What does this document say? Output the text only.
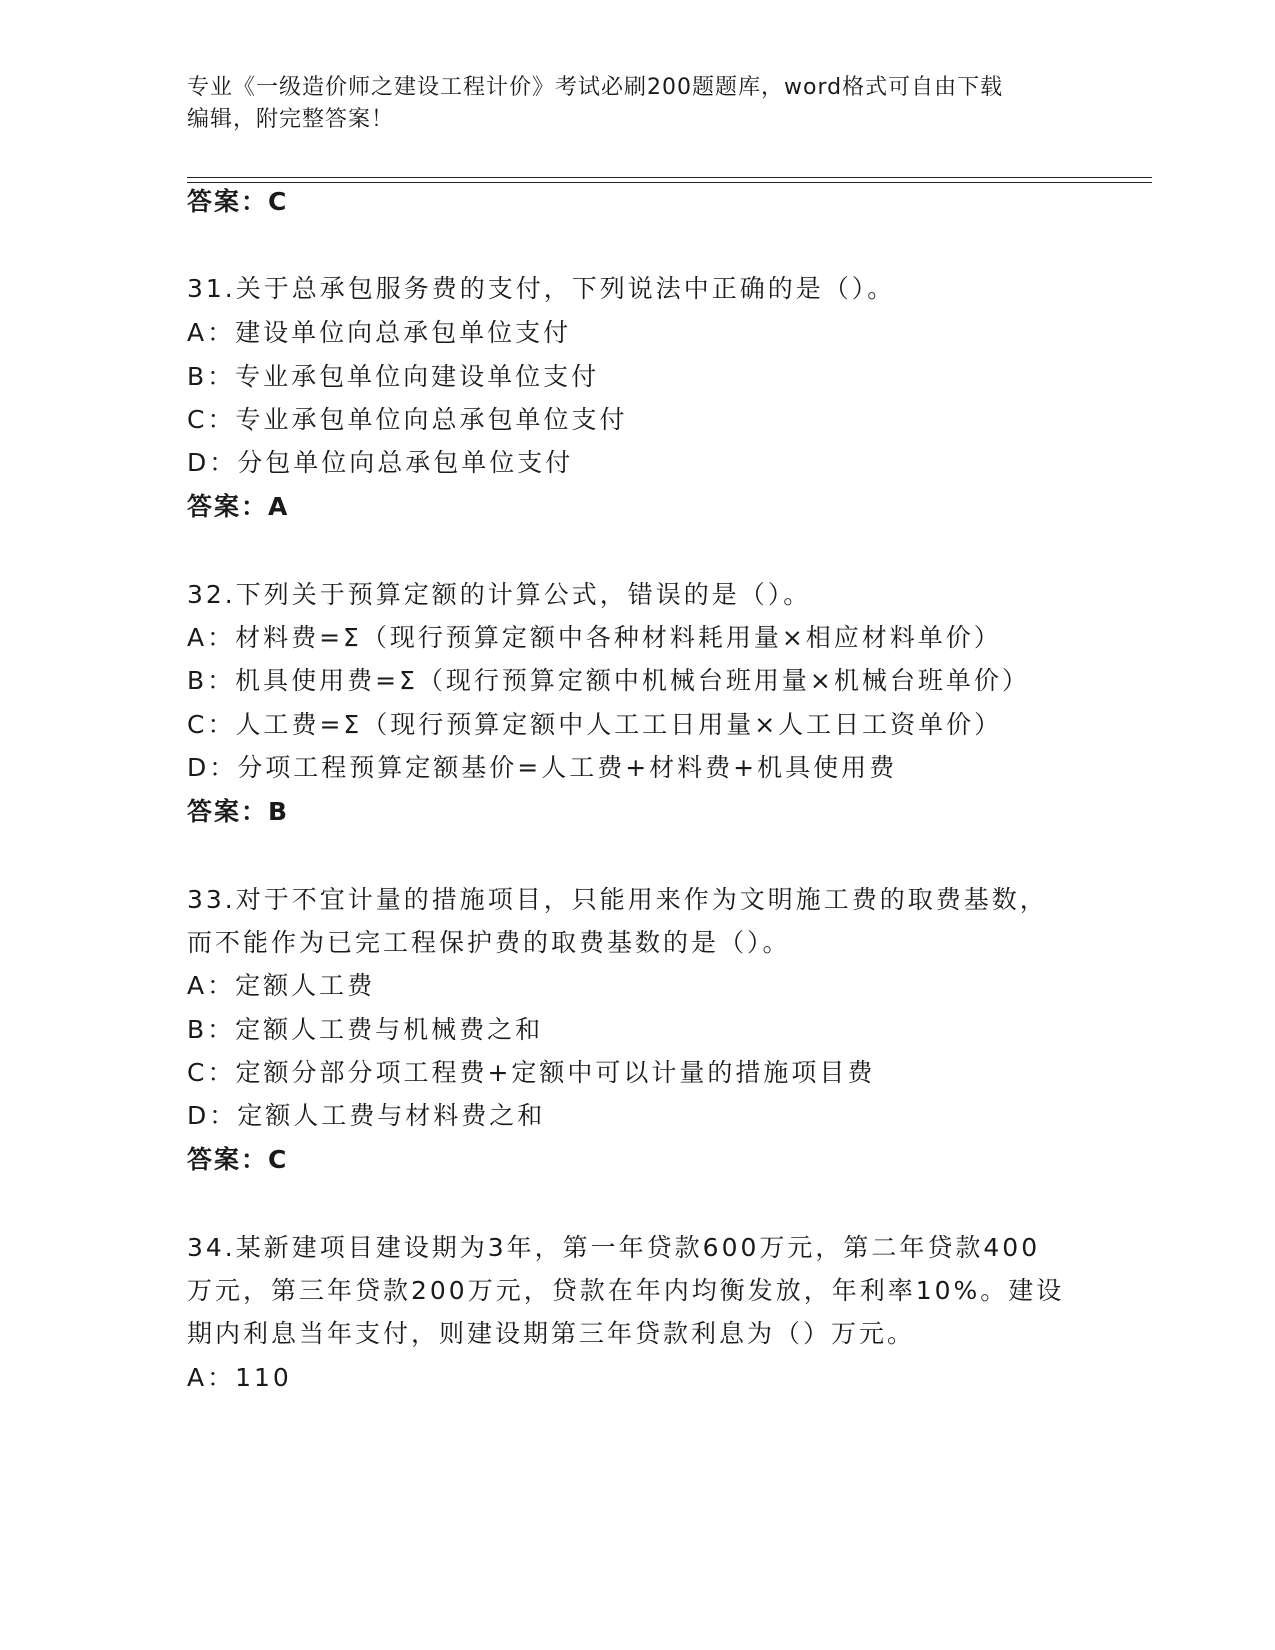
专业《一级造价师之建设工程计价》考试必刷200题题库，word格式可自由下载
编辑，附完整答案！
答案：C
31.关于总承包服务费的支付，下列说法中正确的是（）。
A：建设单位向总承包单位支付
B：专业承包单位向建设单位支付
C：专业承包单位向总承包单位支付
D：分包单位向总承包单位支付
答案：A
32.下列关于预算定额的计算公式，错误的是（）。
A：材料费=Σ（现行预算定额中各种材料耗用量×相应材料单价）
B：机具使用费=Σ（现行预算定额中机械台班用量×机械台班单价）
C：人工费=Σ（现行预算定额中人工工日用量×人工日工资单价）
D：分项工程预算定额基价=人工费+材料费+机具使用费
答案：B
33.对于不宜计量的措施项目，只能用来作为文明施工费的取费基数，
而不能作为已完工程保护费的取费基数的是（）。
A：定额人工费
B：定额人工费与机械费之和
C：定额分部分项工程费+定额中可以计量的措施项目费
D：定额人工费与材料费之和
答案：C
34.某新建项目建设期为3年，第一年贷款600万元，第二年贷款400
万元，第三年贷款200万元，贷款在年内均衡发放，年利率10%。建设
期内利息当年支付，则建设期第三年贷款利息为（）万元。
A：110
